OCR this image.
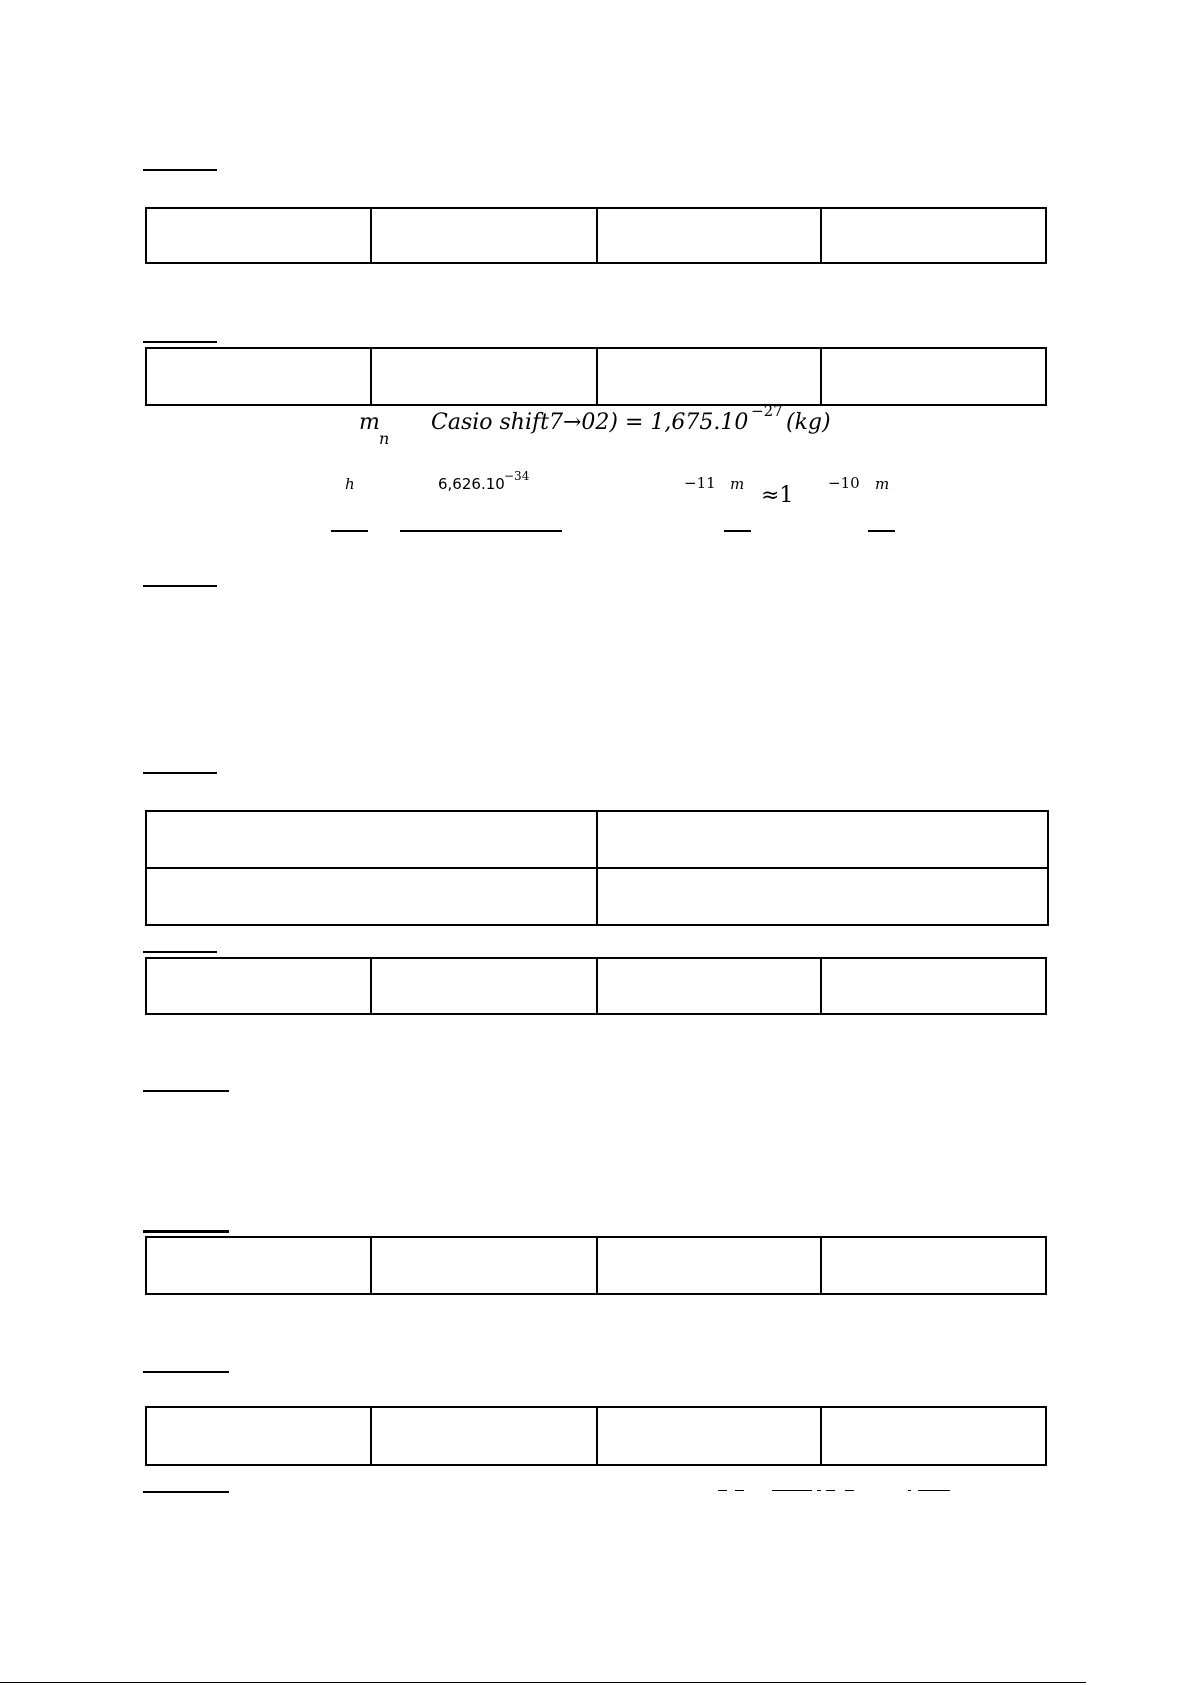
m
n
Casio shift7→02) = 1,675.10 −27 (kg)
h	6,626.10 −34	−11 m ≈1 −10 m
